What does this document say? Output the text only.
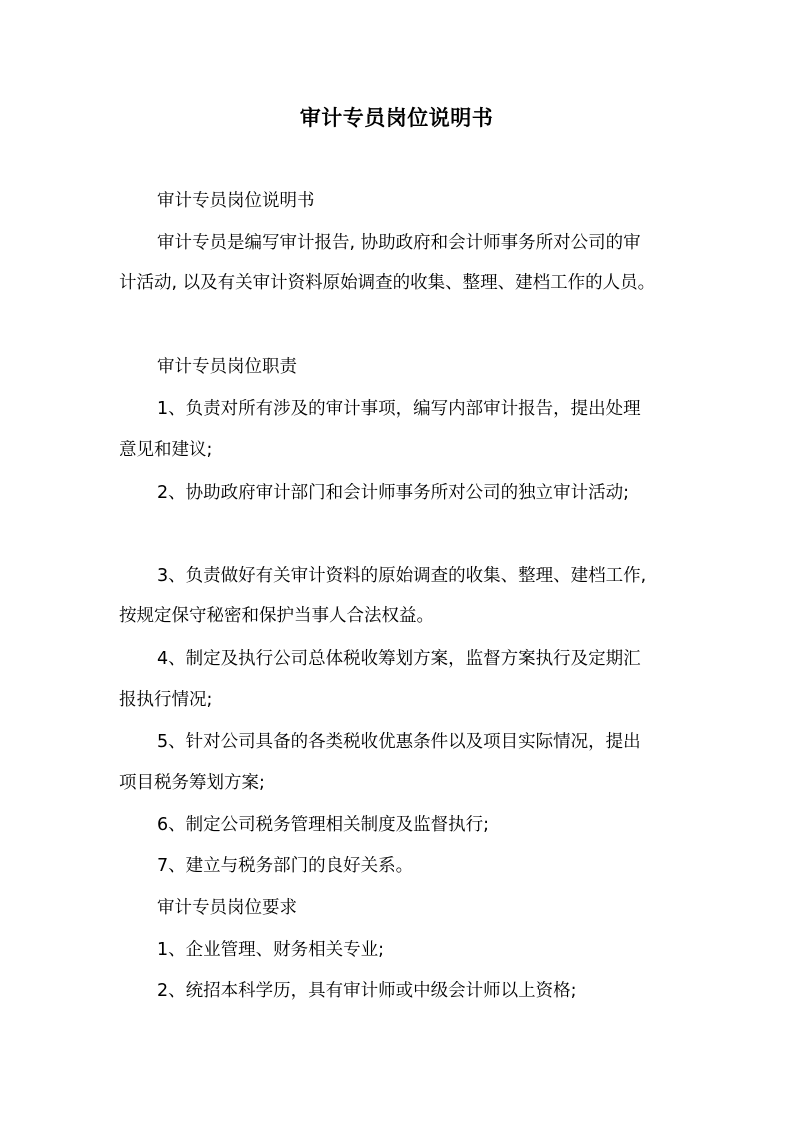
审计专员岗位说明书
审计专员岗位说明书
审计专员是编写审计报告, 协助政府和会计师事务所对公司的审
计活动, 以及有关审计资料原始调查的收集、整理、建档工作的人员。
审计专员岗位职责
1、负责对所有涉及的审计事项，编写内部审计报告，提出处理
意见和建议;
2、协助政府审计部门和会计师事务所对公司的独立审计活动;
3、负责做好有关审计资料的原始调查的收集、整理、建档工作,
按规定保守秘密和保护当事人合法权益。
4、制定及执行公司总体税收筹划方案，监督方案执行及定期汇
报执行情况;
5、针对公司具备的各类税收优惠条件以及项目实际情况，提出
项目税务筹划方案;
6、制定公司税务管理相关制度及监督执行;
7、建立与税务部门的良好关系。
审计专员岗位要求
1、企业管理、财务相关专业;
2、统招本科学历，具有审计师或中级会计师以上资格;
